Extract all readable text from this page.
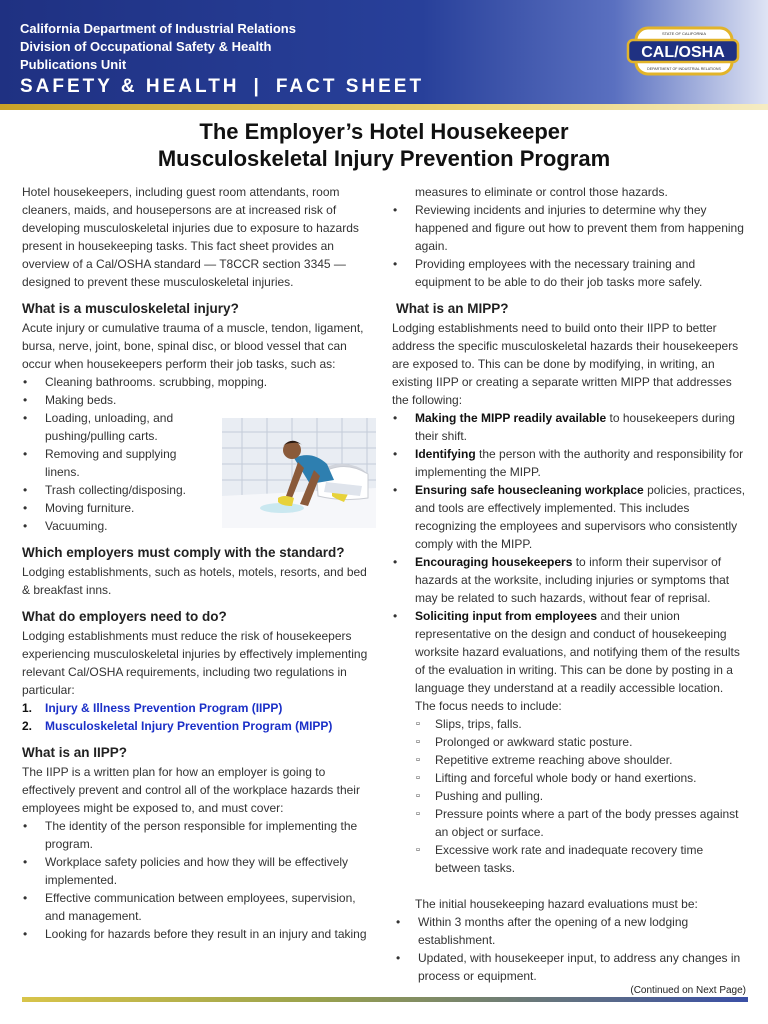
California Department of Industrial Relations
Division of Occupational Safety & Health
Publications Unit
SAFETY & HEALTH | FACT SHEET
STATE OF CALIFORNIA
CAL/OSHA
DEPARTMENT OF INDUSTRIAL RELATIONS
The Employer’s Hotel Housekeeper
Musculoskeletal Injury Prevention Program

Hotel housekeepers, including guest room attendants, room cleaners, maids, and housepersons are at increased risk of developing musculoskeletal injuries due to exposure to hazards present in housekeeping tasks. This fact sheet provides an overview of a Cal/OSHA standard — T8CCR section 3345 — designed to prevent these musculoskeletal injuries.

What is a musculoskeletal injury?

Acute injury or cumulative trauma of a muscle, tendon, ligament, bursa, nerve, joint, bone, spinal disc, or blood vessel that can occur when housekeepers perform their job tasks, such as:

• Cleaning bathrooms. scrubbing, mopping.
• Making beds.
• Loading, unloading, and pushing/pulling carts.
• Removing and supplying linens.
• Trash collecting/disposing.
• Moving furniture.
• Vacuuming.
Which employers must comply with the standard?

Lodging establishments, such as hotels, motels, resorts, and bed & breakfast inns.

What do employers need to do?

Lodging establishments must reduce the risk of housekeepers experiencing musculoskeletal injuries by effectively implementing relevant Cal/OSHA requirements, including two regulations in particular:

1. Injury & Illness Prevention Program (IIPP)
2. Musculoskeletal Injury Prevention Program (MIPP)
What is an IIPP?

The IIPP is a written plan for how an employer is going to effectively prevent and control all of the workplace hazards their employees might be exposed to, and must cover:

• The identity of the person responsible for implementing the program.
• Workplace safety policies and how they will be effectively implemented.
• Effective communication between employees, supervision, and management.
• Looking for hazards before they result in an injury and taking

measures to eliminate or control those hazards.

• Reviewing incidents and injuries to determine why they happened and figure out how to prevent them from happening again.
• Providing employees with the necessary training and equipment to be able to do their job tasks more safely.
What is an MIPP?

Lodging establishments need to build onto their IIPP to better address the specific musculoskeletal hazards their housekeepers are exposed to. This can be done by modifying, in writing, an existing IIPP or creating a separate written MIPP that addresses the following:

• Making the MIPP readily available to housekeepers during their shift.
• Identifying the person with the authority and responsibility for implementing the MIPP.
• Ensuring safe housecleaning workplace policies, practices, and tools are effectively implemented. This includes recognizing the employees and supervisors who consistently comply with the MIPP.
• Encouraging housekeepers to inform their supervisor of hazards at the worksite, including injuries or symptoms that may be related to such hazards, without fear of reprisal.
• Soliciting input from employees and their union representative on the design and conduct of housekeeping worksite hazard evaluations, and notifying them of the results of the evaluation in writing. This can be done by posting in a language they understand at a readily accessible location.

The focus needs to include:

▫ Slips, trips, falls.
▫ Prolonged or awkward static posture.
▫ Repetitive extreme reaching above shoulder.
▫ Lifting and forceful whole body or hand exertions.
▫ Pushing and pulling.
▫ Pressure points where a part of the body presses against an object or surface.
▫ Excessive work rate and inadequate recovery time between tasks.

The initial housekeeping hazard evaluations must be:

• Within 3 months after the opening of a new lodging establishment.
• Updated, with housekeeper input, to address any changes in process or equipment.
(Continued on Next Page)
